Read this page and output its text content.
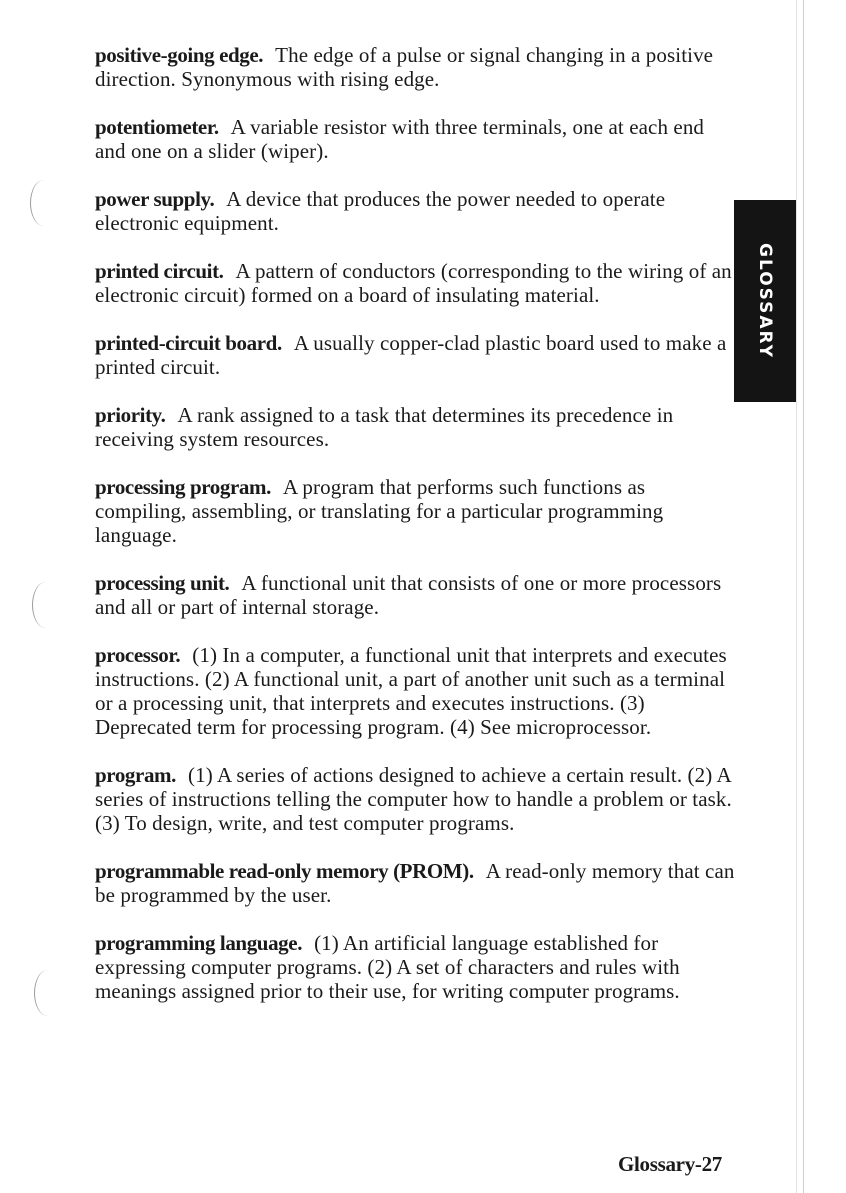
positive-going edge. The edge of a pulse or signal changing in a positive direction. Synonymous with rising edge.

potentiometer. A variable resistor with three terminals, one at each end and one on a slider (wiper).

power supply. A device that produces the power needed to operate electronic equipment.

printed circuit. A pattern of conductors (corresponding to the wiring of an electronic circuit) formed on a board of insulating material.

printed-circuit board. A usually copper-clad plastic board used to make a printed circuit.

priority. A rank assigned to a task that determines its precedence in receiving system resources.

processing program. A program that performs such functions as compiling, assembling, or translating for a particular programming language.

processing unit. A functional unit that consists of one or more processors and all or part of internal storage.

processor. (1) In a computer, a functional unit that interprets and executes instructions. (2) A functional unit, a part of another unit such as a terminal or a processing unit, that interprets and executes instructions. (3) Deprecated term for processing program. (4) See microprocessor.

program. (1) A series of actions designed to achieve a certain result. (2) A series of instructions telling the computer how to handle a problem or task. (3) To design, write, and test computer programs.

programmable read-only memory (PROM). A read-only memory that can be programmed by the user.

programming language. (1) An artificial language established for expressing computer programs. (2) A set of characters and rules with meanings assigned prior to their use, for writing computer programs.

GLOSSARY
Glossary-27
